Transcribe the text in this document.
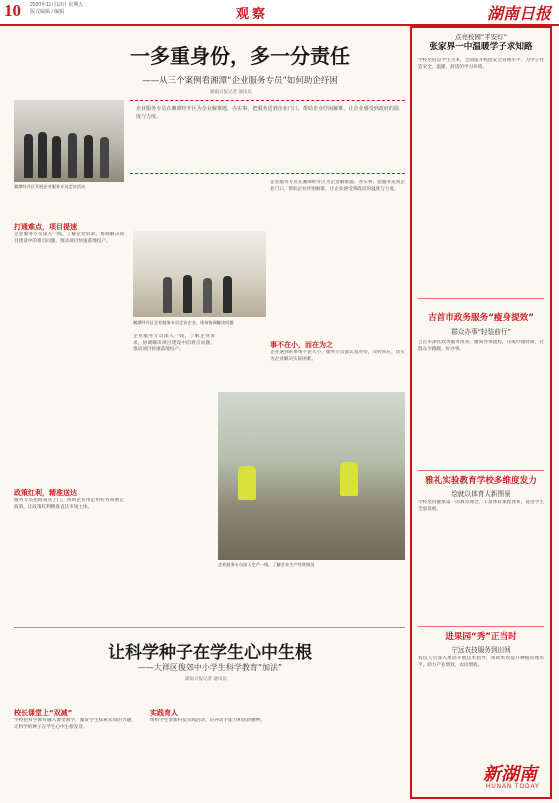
10 2020年11月13日 星期五
版式编辑 / 编辑	观察	湖南日报
一多重身份，多一分责任
——从三个案例看湘潭“企业服务专员”如何助企纾困
湖南日报记者 通讯员
湘潭经开区开展企业服务专员走访活动
企业服务专员在湘潭经开区为企业解难题、办实事，把服务送到企业门口，帮助企业纾困解难，让企业感受到政府的温度与力度。
打通难点，项目提速
企业服务专员深入一线，了解企业诉求，协调解决项目建设中的难点问题，推动项目快速落地投产。
政策红利，精准送达
服务专员把政策送上门，帮助企业用足用好各项惠企政策，让政策红利精准直达市场主体。
湘潭经开区企业服务专员走访企业，现场协调解决问题
企业服务专员深入一线，了解企业诉求，协调解决项目建设中的难点问题，推动项目快速落地投产。
企业服务专员在湘潭经开区为企业解难题、办实事，把服务送到企业门口，帮助企业纾困解难，让企业感受到政府的温度与力度。
事不在小，而在为之
企业遇到的事情不论大小，服务专员都认真对待，及时回应，切实为企业解决实际困难。
企业服务专员深入生产一线，了解企业生产经营情况
让科学种子在学生心中生根
——大祥区俊郊中小学生科学教育“加法”
湖南日报记者 通讯员
校长课堂上“双减”
学校把科学教育融入课堂教学，激发学生探索未知的兴趣，让科学的种子在学生心中生根发芽。
实践育人
组织学生参加科技实践活动，培养动手能力和创新精神。
点亮校园“平安灯”
张家界一中温暖学子求知路
学校坚持以学生为本，全面提升校园安全管理水平，为学子营造安全、温暖、舒适的学习环境。
吉首市政务服务“瘦身提效”
群众办事“轻装前行”
吉首市深化政务服务改革，精简办事流程，压缩办理时限，让群众少跑腿、好办事。
雅礼实验教育学校多维度发力
绘就以体育人新图景
学校坚持健康第一的教育理念，丰富体育课程体系，促进学生全面发展。
进果园“秀”正当时
宁远农技服务到田间
农技人员深入果园开展技术指导，帮助果农提升种植管理水平，助力产业增效、农民增收。
新湖南
HUNAN TODAY
